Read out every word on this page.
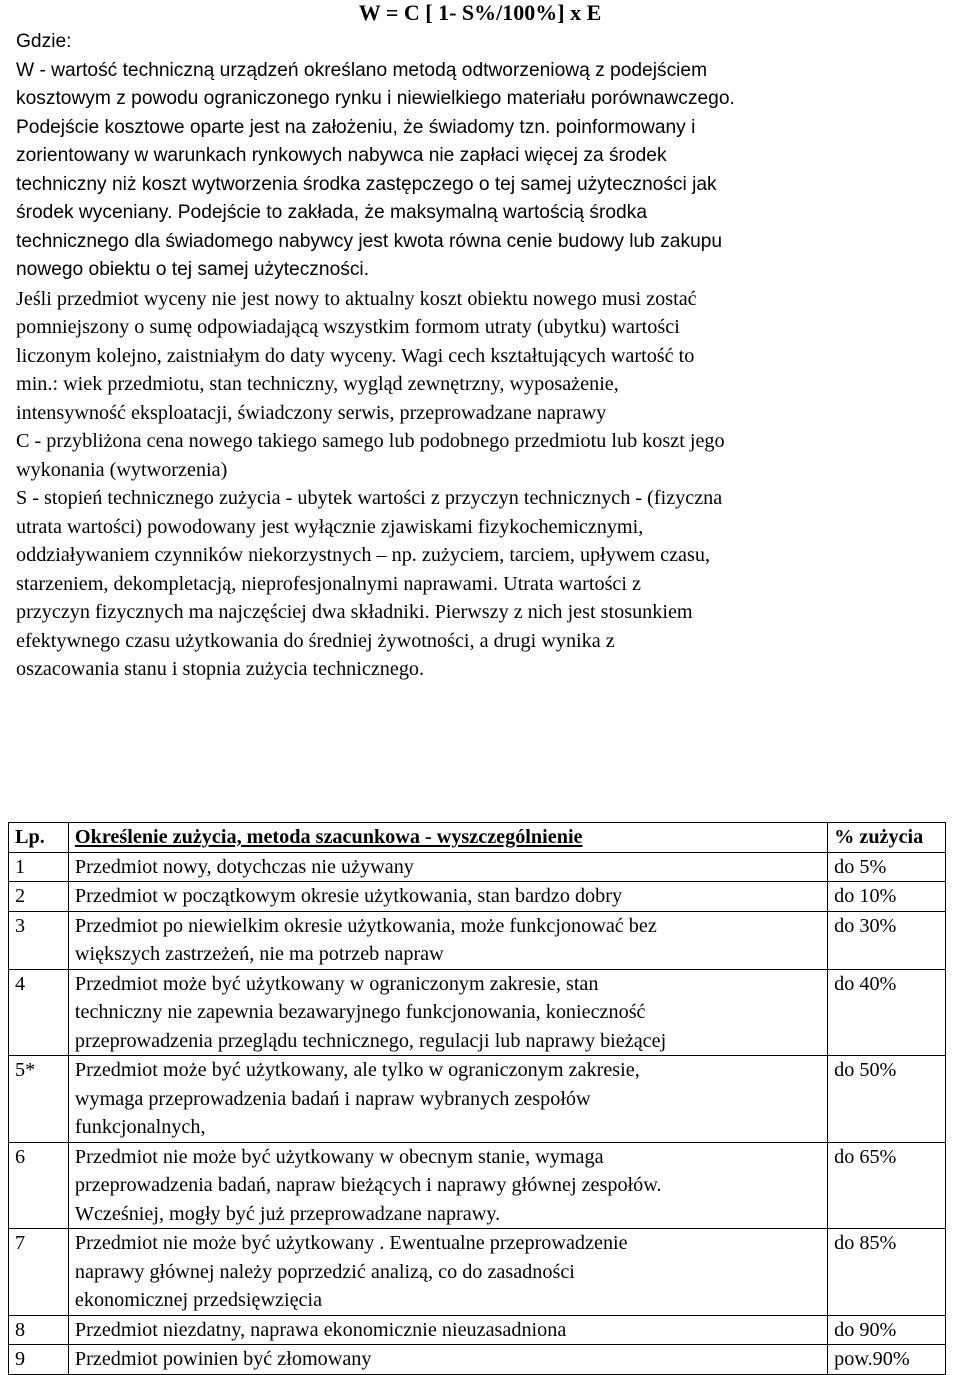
W = C [ 1- S%/100%] x E
Gdzie:
W - wartość techniczną urządzeń określano metodą odtworzeniową z podejściem
kosztowym z powodu ograniczonego rynku i niewielkiego materiału porównawczego.
Podejście kosztowe oparte jest na założeniu, że świadomy tzn. poinformowany i
zorientowany w warunkach rynkowych nabywca nie zapłaci więcej za środek
techniczny niż koszt wytworzenia środka zastępczego o tej samej użyteczności jak
środek wyceniany. Podejście to zakłada, że maksymalną wartością środka
technicznego dla świadomego nabywcy jest kwota równa cenie budowy lub zakupu
nowego obiektu o tej samej użyteczności.
Jeśli przedmiot wyceny nie jest nowy to aktualny koszt obiektu nowego musi zostać
pomniejszony o sumę odpowiadającą wszystkim formom utraty (ubytku) wartości
liczonym kolejno, zaistniałym do daty wyceny. Wagi cech kształtujących wartość to
min.: wiek przedmiotu, stan techniczny, wygląd zewnętrzny, wyposażenie,
intensywność eksploatacji, świadczony serwis, przeprowadzane naprawy
C - przybliżona cena nowego takiego samego lub podobnego przedmiotu lub koszt jego
wykonania (wytworzenia)
S - stopień technicznego zużycia - ubytek wartości z przyczyn technicznych - (fizyczna
utrata wartości) powodowany jest wyłącznie zjawiskami fizykochemicznymi,
oddziaływaniem czynników niekorzystnych – np. zużyciem, tarciem, upływem czasu,
starzeniem, dekompletacją, nieprofesjonalnymi naprawami. Utrata wartości z
przyczyn fizycznych ma najczęściej dwa składniki. Pierwszy z nich jest stosunkiem
efektywnego czasu użytkowania do średniej żywotności, a drugi wynika z
oszacowania stanu i stopnia zużycia technicznego.
Lp.	Określenie zużycia, metoda szacunkowa - wyszczególnienie	% zużycia
1	Przedmiot nowy, dotychczas nie używany	do 5%
2	Przedmiot w początkowym okresie użytkowania, stan bardzo dobry	do 10%
3	Przedmiot po niewielkim okresie użytkowania, może funkcjonować bez
większych zastrzeżeń, nie ma potrzeb napraw	do 30%
4	Przedmiot może być użytkowany w ograniczonym zakresie, stan
techniczny nie zapewnia bezawaryjnego funkcjonowania, konieczność
przeprowadzenia przeglądu technicznego, regulacji lub naprawy bieżącej	do 40%
5*	Przedmiot może być użytkowany, ale tylko w ograniczonym zakresie,
wymaga przeprowadzenia badań i napraw wybranych zespołów
funkcjonalnych,	do 50%
6	Przedmiot nie może być użytkowany w obecnym stanie, wymaga
przeprowadzenia badań, napraw bieżących i naprawy głównej zespołów.
Wcześniej, mogły być już przeprowadzane naprawy.	do 65%
7	Przedmiot nie może być użytkowany . Ewentualne przeprowadzenie
naprawy głównej należy poprzedzić analizą, co do zasadności
ekonomicznej przedsięwzięcia	do 85%
8	Przedmiot niezdatny, naprawa ekonomicznie nieuzasadniona	do 90%
9	Przedmiot powinien być złomowany	pow.90%
